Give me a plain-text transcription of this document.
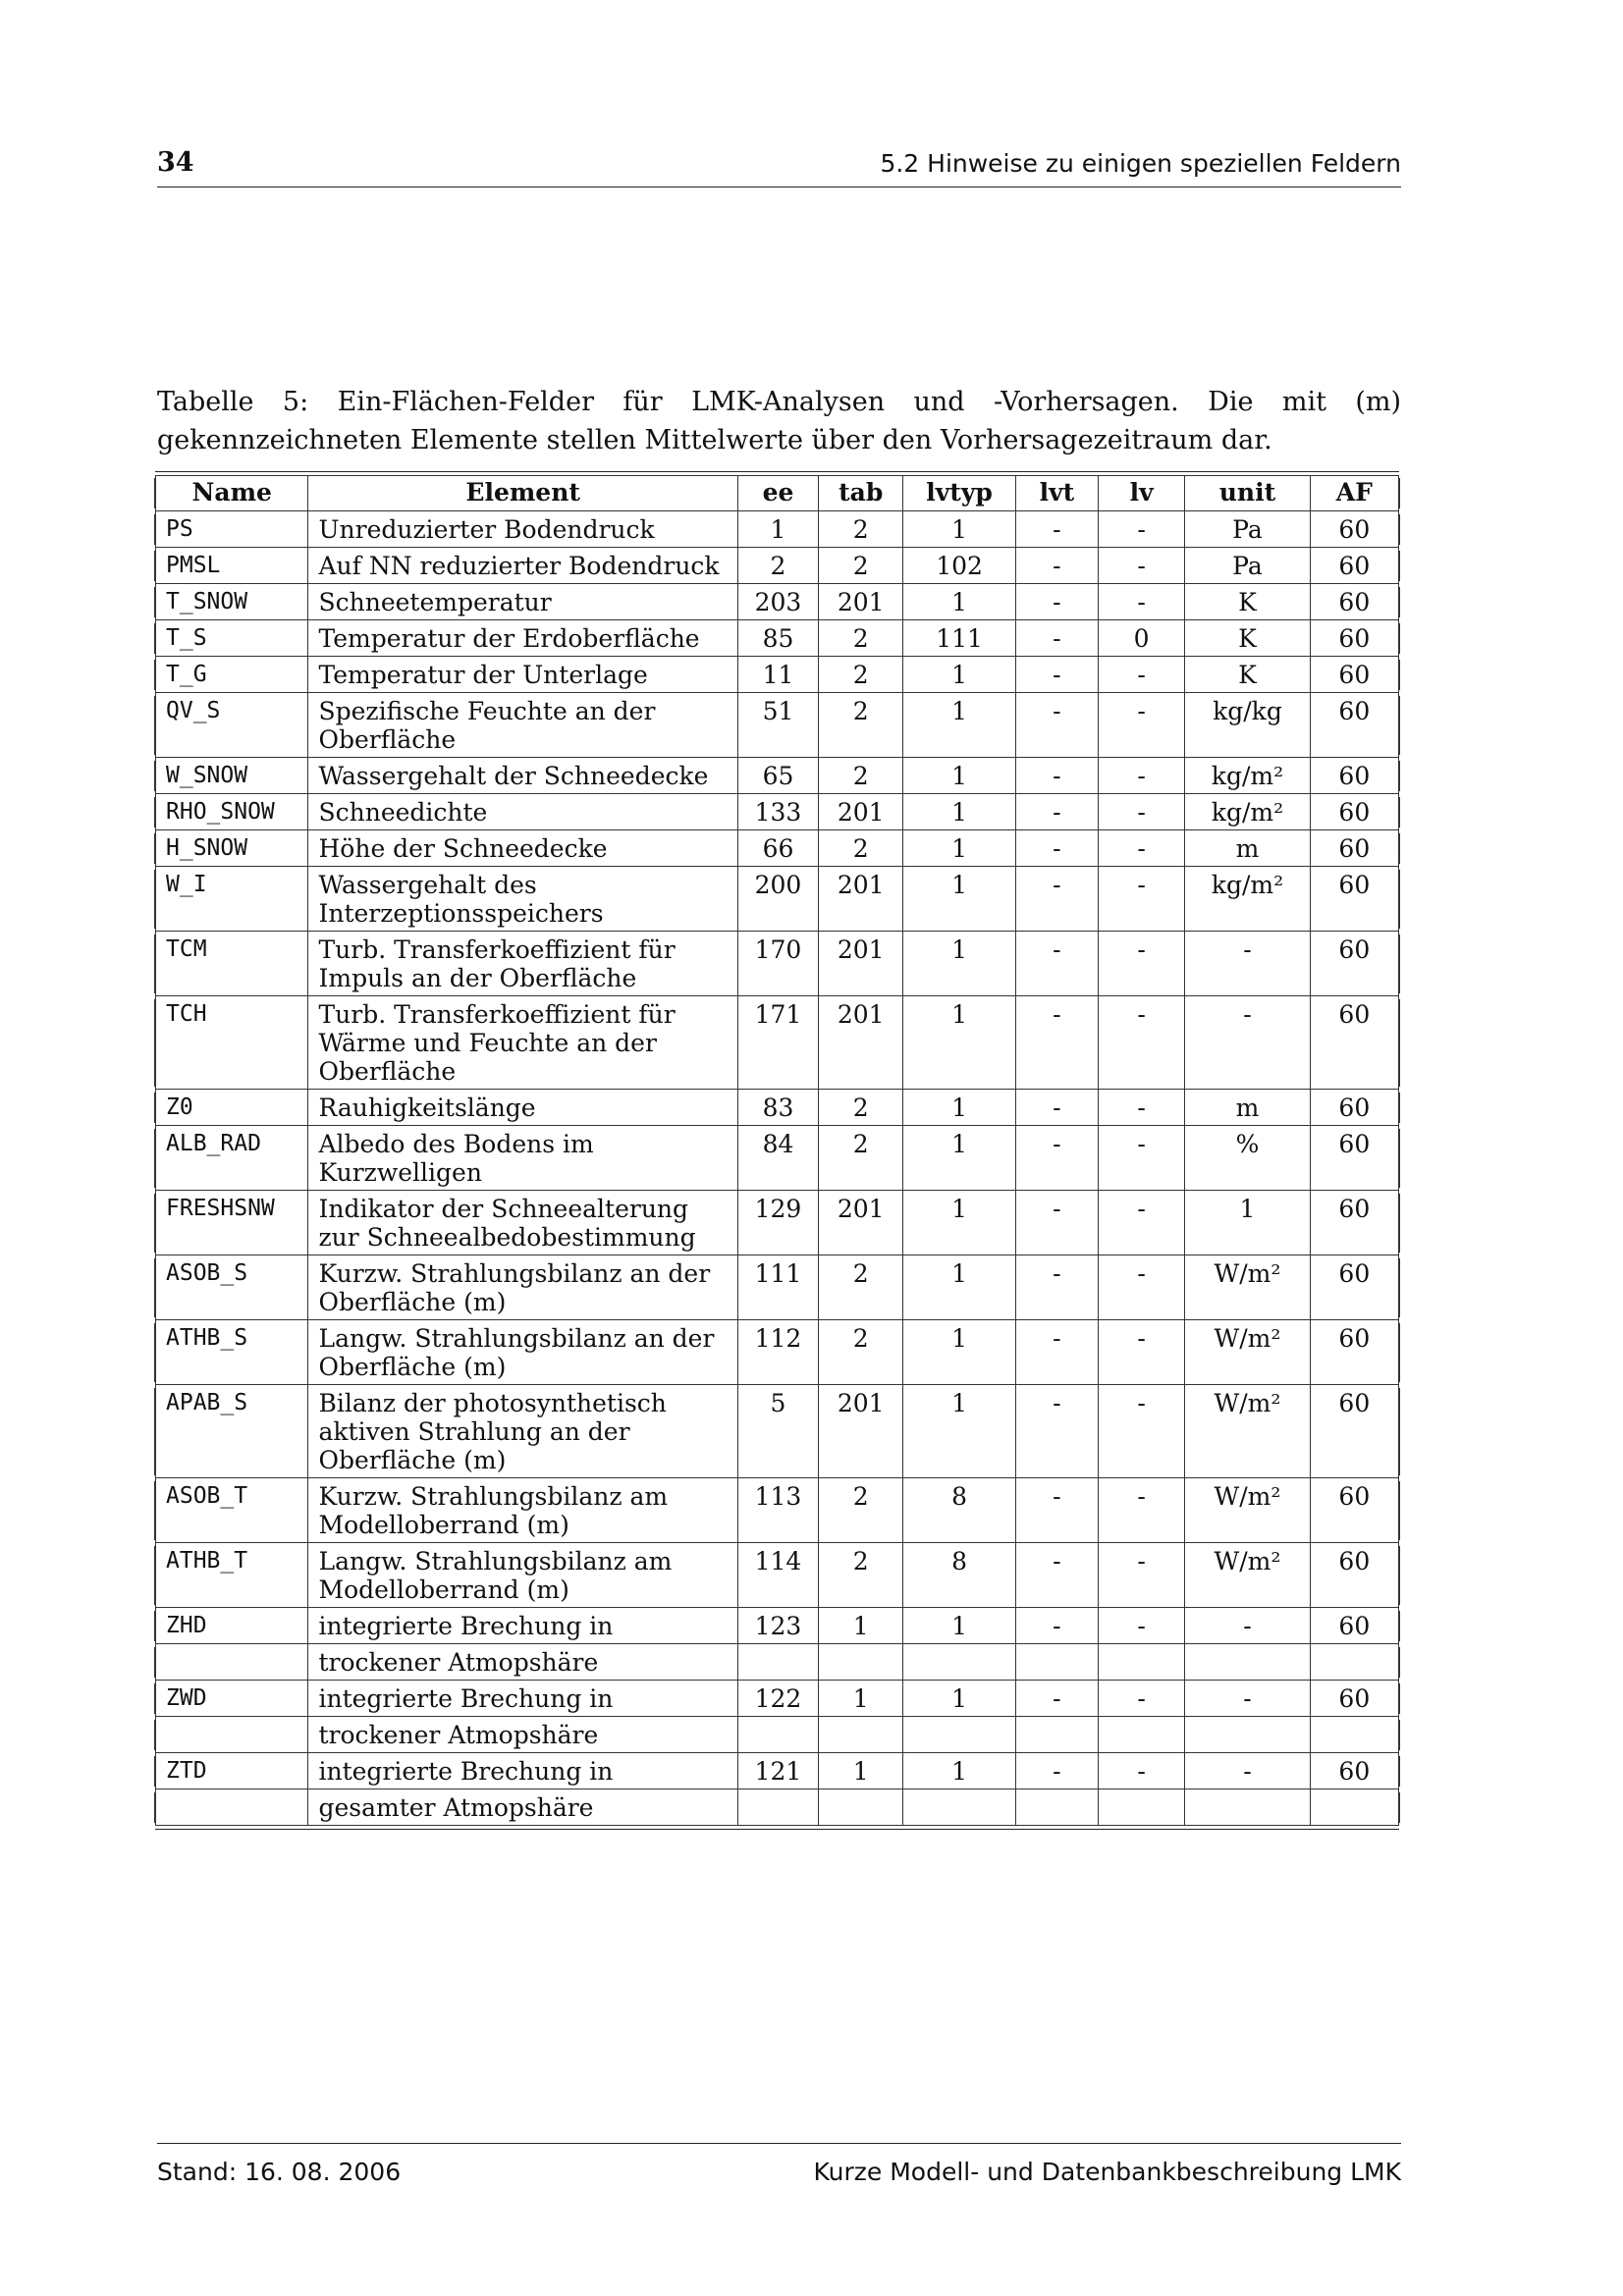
34	5.2 Hinweise zu einigen speziellen Feldern
Tabelle 5: Ein-Flächen-Felder für LMK-Analysen und -Vorhersagen. Die mit (m) gekennzeichneten Elemente stellen Mittelwerte über den Vorhersagezeitraum dar.
Name	Element	ee	tab	lvtyp	lvt	lv	unit	AF
PS	Unreduzierter Bodendruck	1	2	1	-	-	Pa	60
PMSL	Auf NN reduzierter Bodendruck	2	2	102	-	-	Pa	60
T_SNOW	Schneetemperatur	203	201	1	-	-	K	60
T_S	Temperatur der Erdoberfläche	85	2	111	-	0	K	60
T_G	Temperatur der Unterlage	11	2	1	-	-	K	60
QV_S	Spezifische Feuchte an der Oberfläche	51	2	1	-	-	kg/kg	60
W_SNOW	Wassergehalt der Schneedecke	65	2	1	-	-	kg/m²	60
RHO_SNOW	Schneedichte	133	201	1	-	-	kg/m²	60
H_SNOW	Höhe der Schneedecke	66	2	1	-	-	m	60
W_I	Wassergehalt des Interzeptionsspeichers	200	201	1	-	-	kg/m²	60
TCM	Turb. Transferkoeffizient für Impuls an der Oberfläche	170	201	1	-	-	-	60
TCH	Turb. Transferkoeffizient für Wärme und Feuchte an der Oberfläche	171	201	1	-	-	-	60
Z0	Rauhigkeitslänge	83	2	1	-	-	m	60
ALB_RAD	Albedo des Bodens im Kurzwelligen	84	2	1	-	-	%	60
FRESHSNW	Indikator der Schneealterung zur Schneealbedobestimmung	129	201	1	-	-	1	60
ASOB_S	Kurzw. Strahlungsbilanz an der Oberfläche (m)	111	2	1	-	-	W/m²	60
ATHB_S	Langw. Strahlungsbilanz an der Oberfläche (m)	112	2	1	-	-	W/m²	60
APAB_S	Bilanz der photosynthetisch aktiven Strahlung an der Oberfläche (m)	5	201	1	-	-	W/m²	60
ASOB_T	Kurzw. Strahlungsbilanz am Modelloberrand (m)	113	2	8	-	-	W/m²	60
ATHB_T	Langw. Strahlungsbilanz am Modelloberrand (m)	114	2	8	-	-	W/m²	60
ZHD	integrierte Brechung in	123	1	1	-	-	-	60
	trockener Atmopshäre							
ZWD	integrierte Brechung in	122	1	1	-	-	-	60
	trockener Atmopshäre							
ZTD	integrierte Brechung in	121	1	1	-	-	-	60
	gesamter Atmopshäre							
Stand: 16. 08. 2006	Kurze Modell- und Datenbankbeschreibung LMK
